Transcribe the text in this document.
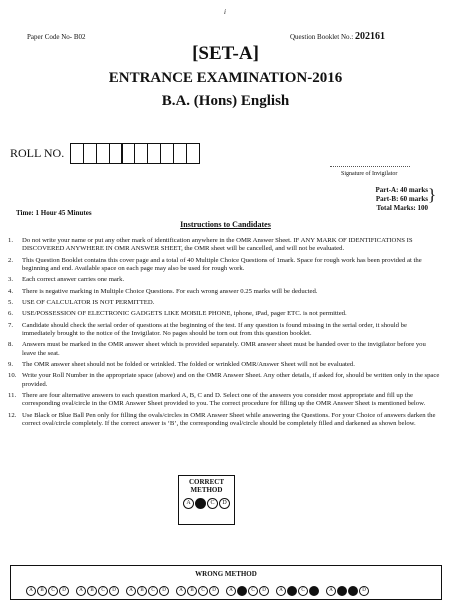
i
Paper Code No- B02	Question Booklet No.: 202161
[SET-A]
ENTRANCE EXAMINATION-2016
B.A. (Hons) English
ROLL NO.
Signature of Invigilator
Part-A: 40 marks
Part-B: 60 marks
Total Marks: 100
}
Time: 1 Hour 45 Minutes
Instructions to Candidates
1.	Do not write your name or put any other mark of identification anywhere in the OMR Answer Sheet. IF ANY MARK OF IDENTIFICATIONS IS DISCOVERED ANYWHERE IN OMR ANSWER SHEET, the OMR sheet will be cancelled, and will not be evaluated.
2.	This Question Booklet contains this cover page and a total of 40 Multiple Choice Questions of 1mark. Space for rough work has been provided at the beginning and end. Available space on each page may also be used for rough work.
3.	Each correct answer carries one mark.
4.	There is negative marking in Multiple Choice Questions. For each wrong answer 0.25 marks will be deducted.
5.	USE OF CALCULATOR IS NOT PERMITTED.
6.	USE/POSSESSION OF ELECTRONIC GADGETS LIKE MOBILE PHONE, iphone, iPad, pager ETC. is not permitted.
7.	Candidate should check the serial order of questions at the beginning of the test. If any question is found missing in the serial order, it should be immediately brought to the notice of the Invigilator. No pages should be torn out from this question booklet.
8.	Answers must be marked in the OMR answer sheet which is provided separately. OMR answer sheet must be handed over to the invigilator before you leave the seat.
9.	The OMR answer sheet should not be folded or wrinkled. The folded or wrinkled OMR/Answer Sheet will not be evaluated.
10. Write your Roll Number in the appropriate space (above) and on the OMR Answer Sheet. Any other details, if asked for, should be written only in the space provided.
11. There are four alternative answers to each question marked A, B, C and D. Select one of the answers you consider most appropriate and fill up the corresponding oval/circle in the OMR Answer Sheet provided to you. The correct procedure for filling up the OMR Answer Sheet is mentioned below.
12. Use Black or Blue Ball Pen only for filling the ovals/circles in OMR Answer Sheet while answering the Questions. For your Choice of answers darken the correct oval/circle completely. If the correct answer is ‘B’, the corresponding oval/circle should be completely filled and darkened as shown below.
CORRECT METHOD
A	B	C	D
WRONG METHOD
A	B	C	D	A	B	C	D	A	B	C	D	A	B	C	D	A	B	C	D	A	B	C	D	A	B	C	D
